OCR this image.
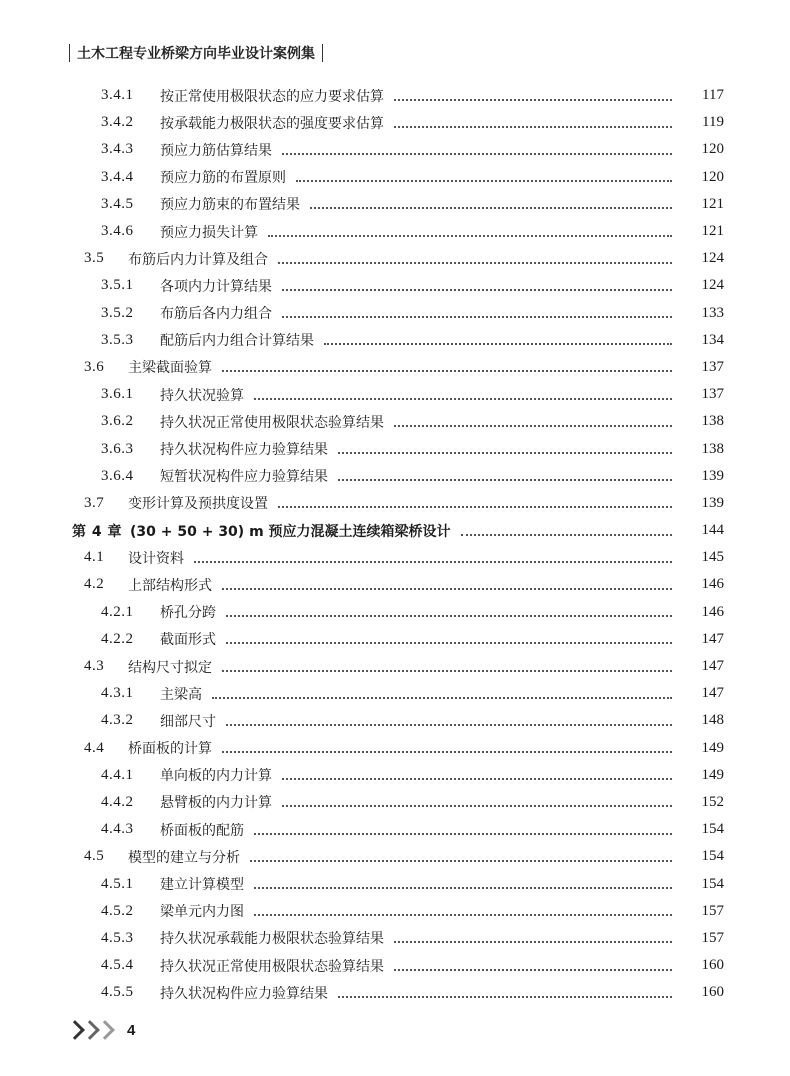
土木工程专业桥梁方向毕业设计案例集
3.4.1	按正常使用极限状态的应力要求估算	117
3.4.2	按承载能力极限状态的强度要求估算	119
3.4.3	预应力筋估算结果	120
3.4.4	预应力筋的布置原则	120
3.4.5	预应力筋束的布置结果	121
3.4.6	预应力损失计算	121
3.5	布筋后内力计算及组合	124
3.5.1	各项内力计算结果	124
3.5.2	布筋后各内力组合	133
3.5.3	配筋后内力组合计算结果	134
3.6	主梁截面验算	137
3.6.1	持久状况验算	137
3.6.2	持久状况正常使用极限状态验算结果	138
3.6.3	持久状况构件应力验算结果	138
3.6.4	短暂状况构件应力验算结果	139
3.7	变形计算及预拱度设置	139
第 4 章 (30 + 50 + 30) m 预应力混凝土连续箱梁桥设计	144
4.1	设计资料	145
4.2	上部结构形式	146
4.2.1	桥孔分跨	146
4.2.2	截面形式	147
4.3	结构尺寸拟定	147
4.3.1	主梁高	147
4.3.2	细部尺寸	148
4.4	桥面板的计算	149
4.4.1	单向板的内力计算	149
4.4.2	悬臂板的内力计算	152
4.4.3	桥面板的配筋	154
4.5	模型的建立与分析	154
4.5.1	建立计算模型	154
4.5.2	梁单元内力图	157
4.5.3	持久状况承载能力极限状态验算结果	157
4.5.4	持久状况正常使用极限状态验算结果	160
4.5.5	持久状况构件应力验算结果	160
4
